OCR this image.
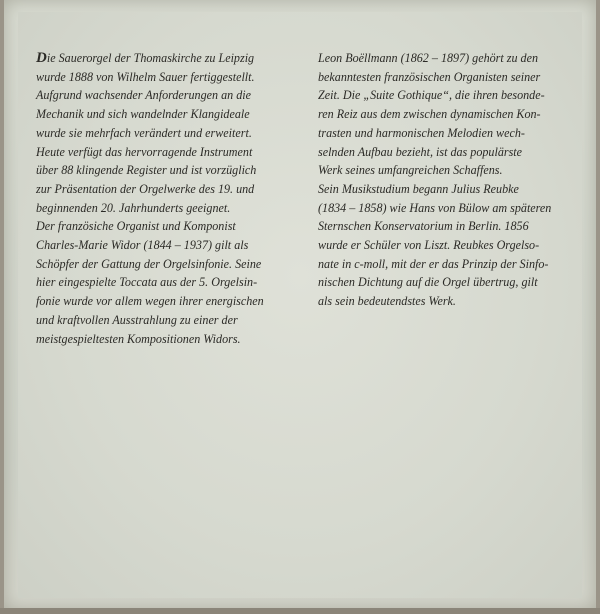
Die Sauerorgel der Thomaskirche zu Leipzig
wurde 1888 von Wilhelm Sauer fertiggestellt.
Aufgrund wachsender Anforderungen an die
Mechanik und sich wandelnder Klangideale
wurde sie mehrfach verändert und erweitert.
Heute verfügt das hervorragende Instrument
über 88 klingende Register und ist vorzüglich
zur Präsentation der Orgelwerke des 19. und
beginnenden 20. Jahrhunderts geeignet.

Der französiche Organist und Komponist
Charles-Marie Widor (1844 – 1937) gilt als
Schöpfer der Gattung der Orgelsinfonie. Seine
hier eingespielte Toccata aus der 5. Orgelsin-
fonie wurde vor allem wegen ihrer energischen
und kraftvollen Ausstrahlung zu einer der
meistgespieltesten Kompositionen Widors.

Leon Boëllmann (1862 – 1897) gehört zu den
bekanntesten französischen Organisten seiner
Zeit. Die „Suite Gothique“, die ihren besonde-
ren Reiz aus dem zwischen dynamischen Kon-
trasten und harmonischen Melodien wech-
selnden Aufbau bezieht, ist das populärste
Werk seines umfangreichen Schaffens.

Sein Musikstudium begann Julius Reubke
(1834 – 1858) wie Hans von Bülow am späteren
Sternschen Konservatorium in Berlin. 1856
wurde er Schüler von Liszt. Reubkes Orgelso-
nate in c-moll, mit der er das Prinzip der Sinfo-
nischen Dichtung auf die Orgel übertrug, gilt
als sein bedeutendstes Werk.
